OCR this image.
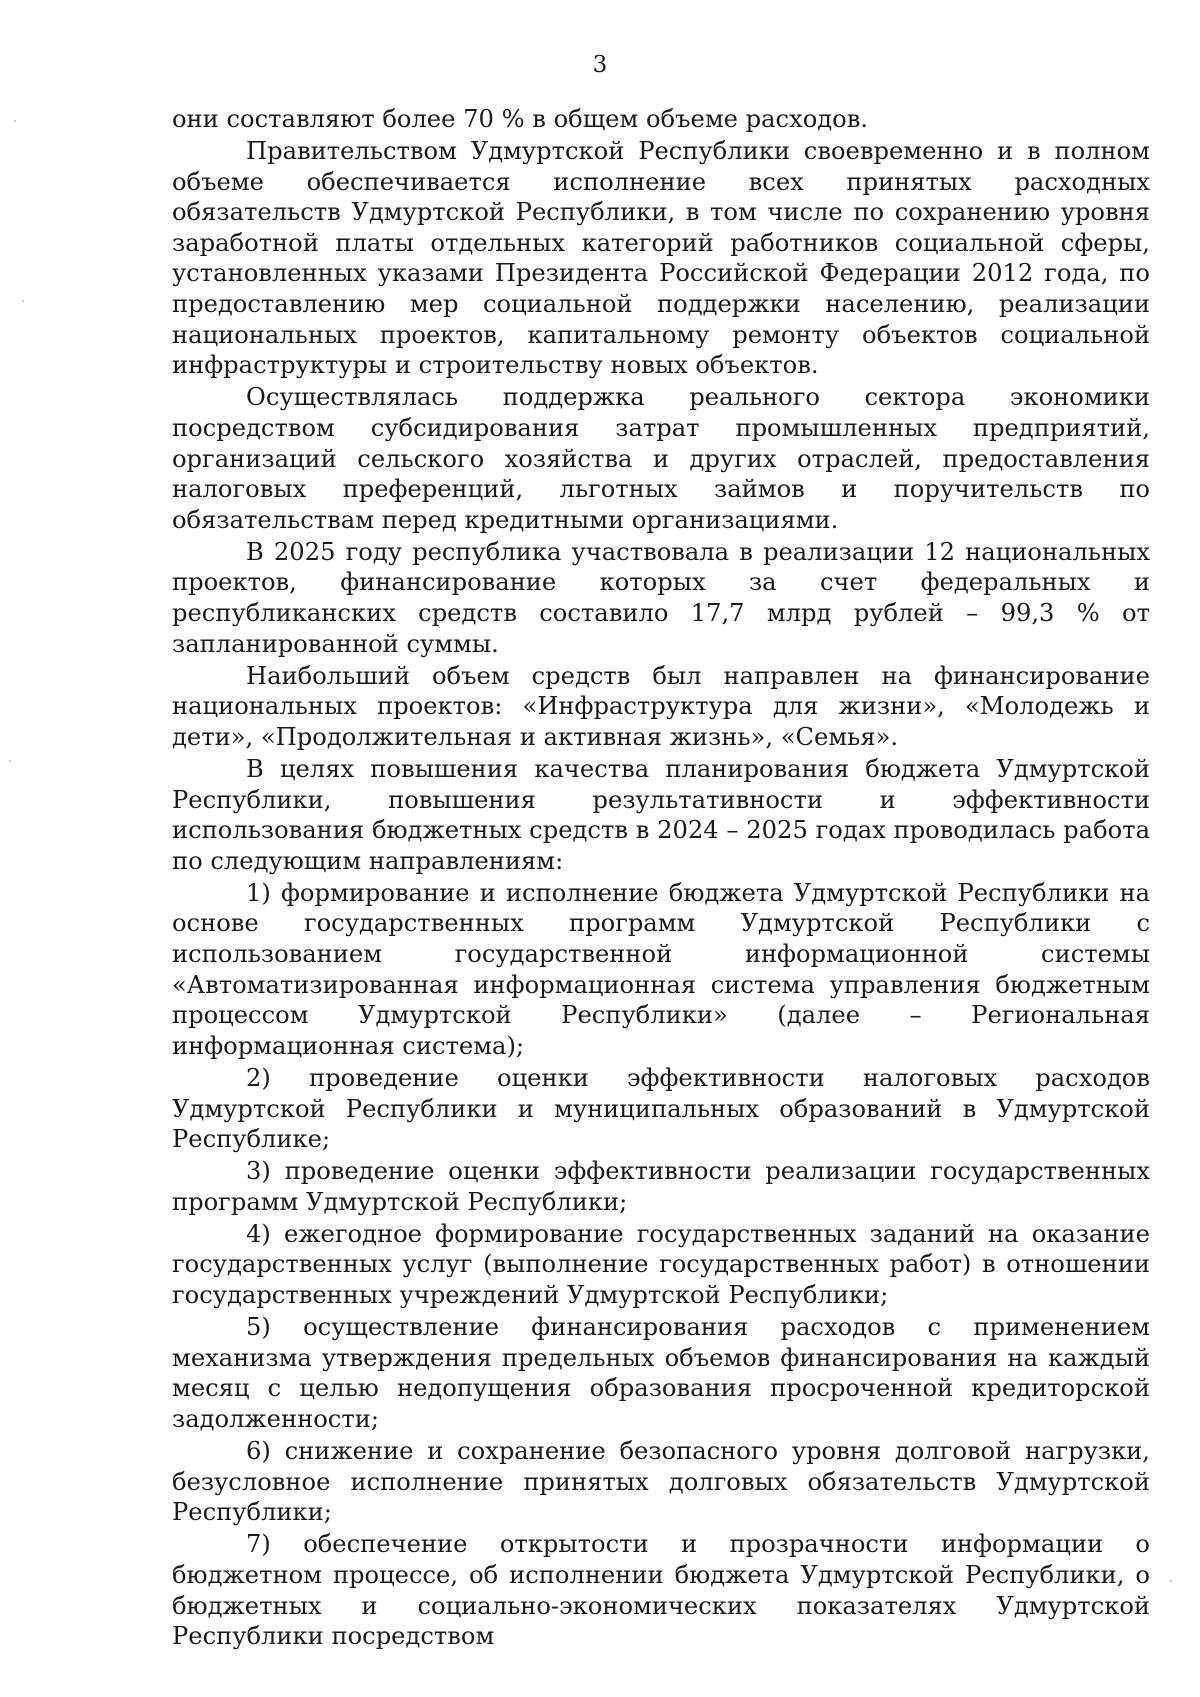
3

они составляют более 70 % в общем объеме расходов.

Правительством Удмуртской Республики своевременно и в полном объеме обеспечивается исполнение всех принятых расходных обязательств Удмуртской Республики, в том числе по сохранению уровня заработной платы отдельных категорий работников социальной сферы, установленных указами Президента Российской Федерации 2012 года, по предоставлению мер социальной поддержки населению, реализации национальных проектов, капитальному ремонту объектов социальной инфраструктуры и строительству новых объектов.

Осуществлялась поддержка реального сектора экономики посредством субсидирования затрат промышленных предприятий, организаций сельского хозяйства и других отраслей, предоставления налоговых преференций, льготных займов и поручительств по обязательствам перед кредитными организациями.

В 2025 году республика участвовала в реализации 12 национальных проектов, финансирование которых за счет федеральных и республиканских средств составило 17,7 млрд рублей – 99,3 % от запланированной суммы.

Наибольший объем средств был направлен на финансирование национальных проектов: «Инфраструктура для жизни», «Молодежь и дети», «Продолжительная и активная жизнь», «Семья».

В целях повышения качества планирования бюджета Удмуртской Республики, повышения результативности и эффективности использования бюджетных средств в 2024 – 2025 годах проводилась работа по следующим направлениям:

1) формирование и исполнение бюджета Удмуртской Республики на основе государственных программ Удмуртской Республики с использованием государственной информационной системы «Автоматизированная информационная система управления бюджетным процессом Удмуртской Республики» (далее – Региональная информационная система);

2) проведение оценки эффективности налоговых расходов Удмуртской Республики и муниципальных образований в Удмуртской Республике;

3) проведение оценки эффективности реализации государственных программ Удмуртской Республики;

4) ежегодное формирование государственных заданий на оказание государственных услуг (выполнение государственных работ) в отношении государственных учреждений Удмуртской Республики;

5) осуществление финансирования расходов с применением механизма утверждения предельных объемов финансирования на каждый месяц с целью недопущения образования просроченной кредиторской задолженности;

6) снижение и сохранение безопасного уровня долговой нагрузки, безусловное исполнение принятых долговых обязательств Удмуртской Республики;

7) обеспечение открытости и прозрачности информации о бюджетном процессе, об исполнении бюджета Удмуртской Республики, о бюджетных и социально-экономических показателях Удмуртской Республики посредством
